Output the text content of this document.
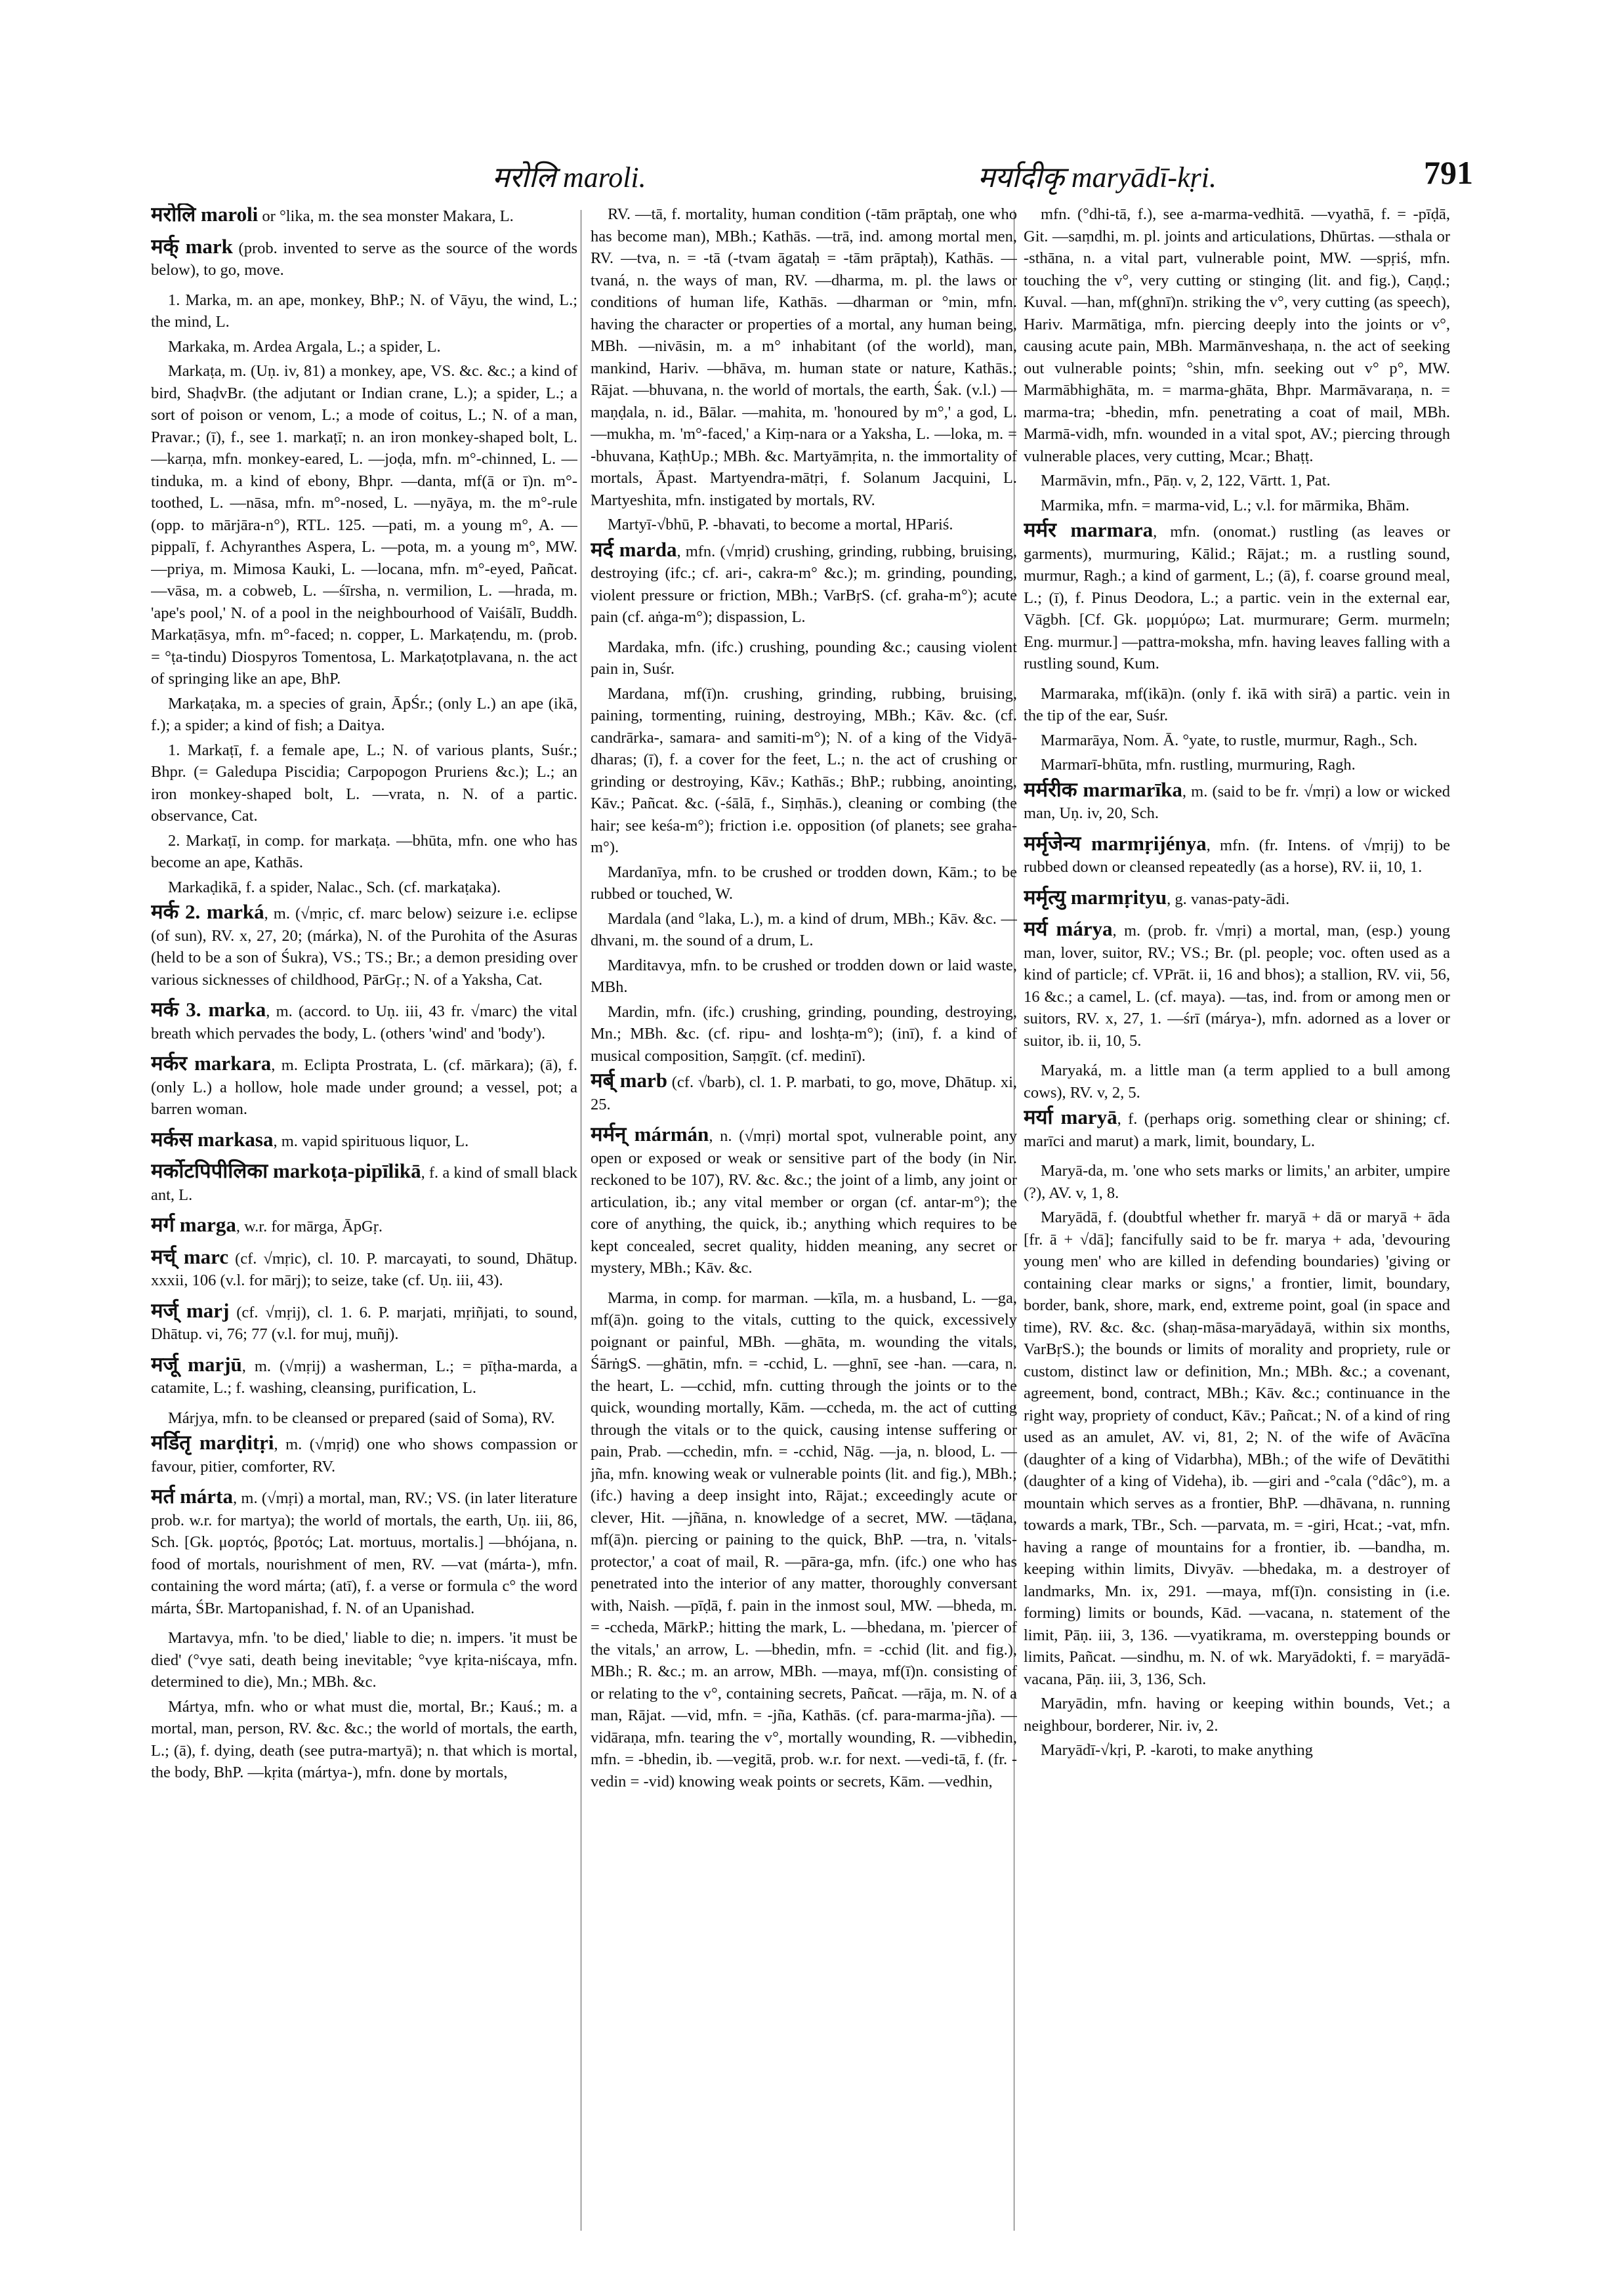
मरोलि maroli.	मर्यादीकृ maryādī-kṛi.	791

मरोलि maroli or °lika, m. the sea monster Makara, L.

मर्क् mark (prob. invented to serve as the source of the words below), to go, move.

1. Marka, m. an ape, monkey, BhP.; N. of Vāyu, the wind, L.; the mind, L.

Markaka, m. Ardea Argala, L.; a spider, L.

Markaṭa, m. (Uṇ. iv, 81) a monkey, ape, VS. &c. &c.; a kind of bird, ShaḍvBr. (the adjutant or Indian crane, L.); a spider, L.; a sort of poison or venom, L.; a mode of coitus, L.; N. of a man, Pravar.; (ī), f., see 1. markaṭī; n. an iron monkey-shaped bolt, L. —karṇa, mfn. monkey-eared, L. —joḍa, mfn. m°-chinned, L. —tinduka, m. a kind of ebony, Bhpr. —danta, mf(ā or ī)n. m°-toothed, L. —nāsa, mfn. m°-nosed, L. —nyāya, m. the m°-rule (opp. to mārjāra-n°), RTL. 125. —pati, m. a young m°, A. —pippalī, f. Achyranthes Aspera, L. —pota, m. a young m°, MW. —priya, m. Mimosa Kauki, L. —locana, mfn. m°-eyed, Pañcat. —vāsa, m. a cobweb, L. —śīrsha, n. vermilion, L. —hrada, m. 'ape's pool,' N. of a pool in the neighbourhood of Vaiśālī, Buddh. Markaṭāsya, mfn. m°-faced; n. copper, L. Markaṭendu, m. (prob. = °ṭa-tindu) Diospyros Tomentosa, L. Markaṭotplavana, n. the act of springing like an ape, BhP.

Markaṭaka, m. a species of grain, ĀpŚr.; (only L.) an ape (ikā, f.); a spider; a kind of fish; a Daitya.

1. Markaṭī, f. a female ape, L.; N. of various plants, Suśr.; Bhpr. (= Galedupa Piscidia; Carpopogon Pruriens &c.); L.; an iron monkey-shaped bolt, L. —vrata, n. N. of a partic. observance, Cat.

2. Markaṭī, in comp. for markaṭa. —bhūta, mfn. one who has become an ape, Kathās.

Markaḍikā, f. a spider, Nalac., Sch. (cf. markaṭaka).

मर्क 2. marká, m. (√mṛic, cf. marc below) seizure i.e. eclipse (of sun), RV. x, 27, 20; (márka), N. of the Purohita of the Asuras (held to be a son of Śukra), VS.; TS.; Br.; a demon presiding over various sicknesses of childhood, PārGṛ.; N. of a Yaksha, Cat.

मर्क 3. marka, m. (accord. to Uṇ. iii, 43 fr. √marc) the vital breath which pervades the body, L. (others 'wind' and 'body').

मर्कर markara, m. Eclipta Prostrata, L. (cf. mārkara); (ā), f. (only L.) a hollow, hole made under ground; a vessel, pot; a barren woman.

मर्कस markasa, m. vapid spirituous liquor, L.

मर्कोटपिपीलिका markoṭa-pipīlikā, f. a kind of small black ant, L.

मर्ग marga, w.r. for mārga, ĀpGṛ.

मर्च् marc (cf. √mṛic), cl. 10. P. marcayati, to sound, Dhātup. xxxii, 106 (v.l. for mārj); to seize, take (cf. Uṇ. iii, 43).

मर्ज् marj (cf. √mṛij), cl. 1. 6. P. marjati, mṛiñjati, to sound, Dhātup. vi, 76; 77 (v.l. for muj, muñj).

मर्जू marjū, m. (√mṛij) a washerman, L.; = pīṭha-marda, a catamite, L.; f. washing, cleansing, purification, L.

Márjya, mfn. to be cleansed or prepared (said of Soma), RV.

मर्डितृ marḍitṛi, m. (√mṛiḍ) one who shows compassion or favour, pitier, comforter, RV.

मर्त márta, m. (√mṛi) a mortal, man, RV.; VS. (in later literature prob. w.r. for martya); the world of mortals, the earth, Uṇ. iii, 86, Sch. [Gk. μορτός, βροτός; Lat. mortuus, mortalis.] —bhójana, n. food of mortals, nourishment of men, RV. —vat (márta-), mfn. containing the word márta; (atī), f. a verse or formula c° the word márta, ŚBr. Martopanishad, f. N. of an Upanishad.

Martavya, mfn. 'to be died,' liable to die; n. impers. 'it must be died' (°vye sati, death being inevitable; °vye kṛita-niścaya, mfn. determined to die), Mn.; MBh. &c.

Mártya, mfn. who or what must die, mortal, Br.; Kauś.; m. a mortal, man, person, RV. &c. &c.; the world of mortals, the earth, L.; (ā), f. dying, death (see putra-martyā); n. that which is mortal, the body, BhP. —kṛita (mártya-), mfn. done by mortals,

RV. —tā, f. mortality, human condition (-tām prāptaḥ, one who has become man), MBh.; Kathās. —trā, ind. among mortal men, RV. —tva, n. = -tā (-tvam āgataḥ = -tām prāptaḥ), Kathās. —tvaná, n. the ways of man, RV. —dharma, m. pl. the laws or conditions of human life, Kathās. —dharman or °min, mfn. having the character or properties of a mortal, any human being, MBh. —nivāsin, m. a m° inhabitant (of the world), man, mankind, Hariv. —bhāva, m. human state or nature, Kathās.; Rājat. —bhuvana, n. the world of mortals, the earth, Śak. (v.l.) —maṇḍala, n. id., Bālar. —mahita, m. 'honoured by m°,' a god, L. —mukha, m. 'm°-faced,' a Kiṃ-nara or a Yaksha, L. —loka, m. = -bhuvana, KaṭhUp.; MBh. &c. Martyāmṛita, n. the immortality of mortals, Āpast. Martyendra-mātṛi, f. Solanum Jacquini, L. Martyeshita, mfn. instigated by mortals, RV.

Martyī-√bhū, P. -bhavati, to become a mortal, HPariś.

मर्द marda, mfn. (√mṛid) crushing, grinding, rubbing, bruising, destroying (ifc.; cf. ari-, cakra-m° &c.); m. grinding, pounding, violent pressure or friction, MBh.; VarBṛS. (cf. graha-m°); acute pain (cf. aṅga-m°); dispassion, L.

Mardaka, mfn. (ifc.) crushing, pounding &c.; causing violent pain in, Suśr.

Mardana, mf(ī)n. crushing, grinding, rubbing, bruising, paining, tormenting, ruining, destroying, MBh.; Kāv. &c. (cf. candrārka-, samara- and samiti-m°); N. of a king of the Vidyā-dharas; (ī), f. a cover for the feet, L.; n. the act of crushing or grinding or destroying, Kāv.; Kathās.; BhP.; rubbing, anointing, Kāv.; Pañcat. &c. (-śālā, f., Siṃhās.), cleaning or combing (the hair; see keśa-m°); friction i.e. opposition (of planets; see graha-m°).

Mardanīya, mfn. to be crushed or trodden down, Kām.; to be rubbed or touched, W.

Mardala (and °laka, L.), m. a kind of drum, MBh.; Kāv. &c. —dhvani, m. the sound of a drum, L.

Marditavya, mfn. to be crushed or trodden down or laid waste, MBh.

Mardin, mfn. (ifc.) crushing, grinding, pounding, destroying, Mn.; MBh. &c. (cf. ripu- and loshṭa-m°); (inī), f. a kind of musical composition, Saṃgīt. (cf. medinī).

मर्ब् marb (cf. √barb), cl. 1. P. marbati, to go, move, Dhātup. xi, 25.

मर्मन् mármán, n. (√mṛi) mortal spot, vulnerable point, any open or exposed or weak or sensitive part of the body (in Nir. reckoned to be 107), RV. &c. &c.; the joint of a limb, any joint or articulation, ib.; any vital member or organ (cf. antar-m°); the core of anything, the quick, ib.; anything which requires to be kept concealed, secret quality, hidden meaning, any secret or mystery, MBh.; Kāv. &c.

Marma, in comp. for marman. —kīla, m. a husband, L. —ga, mf(ā)n. going to the vitals, cutting to the quick, excessively poignant or painful, MBh. —ghāta, m. wounding the vitals, ŚārṅgS. —ghātin, mfn. = -cchid, L. —ghnī, see -han. —cara, n. the heart, L. —cchid, mfn. cutting through the joints or to the quick, wounding mortally, Kām. —ccheda, m. the act of cutting through the vitals or to the quick, causing intense suffering or pain, Prab. —cchedin, mfn. = -cchid, Nāg. —ja, n. blood, L. —jña, mfn. knowing weak or vulnerable points (lit. and fig.), MBh.; (ifc.) having a deep insight into, Rājat.; exceedingly acute or clever, Hit. —jñāna, n. knowledge of a secret, MW. —tāḍana, mf(ā)n. piercing or paining to the quick, BhP. —tra, n. 'vitals-protector,' a coat of mail, R. —pāra-ga, mfn. (ifc.) one who has penetrated into the interior of any matter, thoroughly conversant with, Naish. —pīḍā, f. pain in the inmost soul, MW. —bheda, m. = -ccheda, MārkP.; hitting the mark, L. —bhedana, m. 'piercer of the vitals,' an arrow, L. —bhedin, mfn. = -cchid (lit. and fig.), MBh.; R. &c.; m. an arrow, MBh. —maya, mf(ī)n. consisting of or relating to the v°, containing secrets, Pañcat. —rāja, m. N. of a man, Rājat. —vid, mfn. = -jña, Kathās. (cf. para-marma-jña). —vidāraṇa, mfn. tearing the v°, mortally wounding, R. —vibhedin, mfn. = -bhedin, ib. —vegitā, prob. w.r. for next. —vedi-tā, f. (fr. -vedin = -vid) knowing weak points or secrets, Kām. —vedhin,

mfn. (°dhi-tā, f.), see a-marma-vedhitā. —vyathā, f. = -pīḍā, Git. —saṃdhi, m. pl. joints and articulations, Dhūrtas. —sthala or -sthāna, n. a vital part, vulnerable point, MW. —spṛiś, mfn. touching the v°, very cutting or stinging (lit. and fig.), Caṇḍ.; Kuval. —han, mf(ghnī)n. striking the v°, very cutting (as speech), Hariv. Marmātiga, mfn. piercing deeply into the joints or v°, causing acute pain, MBh. Marmānveshaṇa, n. the act of seeking out vulnerable points; °shin, mfn. seeking out v° p°, MW. Marmābhighāta, m. = marma-ghāta, Bhpr. Marmāvaraṇa, n. = marma-tra; -bhedin, mfn. penetrating a coat of mail, MBh. Marmā-vidh, mfn. wounded in a vital spot, AV.; piercing through vulnerable places, very cutting, Mcar.; Bhaṭṭ.

Marmāvin, mfn., Pāṇ. v, 2, 122, Vārtt. 1, Pat.

Marmika, mfn. = marma-vid, L.; v.l. for mārmika, Bhām.

मर्मर marmara, mfn. (onomat.) rustling (as leaves or garments), murmuring, Kālid.; Rājat.; m. a rustling sound, murmur, Ragh.; a kind of garment, L.; (ā), f. coarse ground meal, L.; (ī), f. Pinus Deodora, L.; a partic. vein in the external ear, Vāgbh. [Cf. Gk. μορμύρω; Lat. murmurare; Germ. murmeln; Eng. murmur.] —pattra-moksha, mfn. having leaves falling with a rustling sound, Kum.

Marmaraka, mf(ikā)n. (only f. ikā with sirā) a partic. vein in the tip of the ear, Suśr.

Marmarāya, Nom. Ā. °yate, to rustle, murmur, Ragh., Sch.

Marmarī-bhūta, mfn. rustling, murmuring, Ragh.

मर्मरीक marmarīka, m. (said to be fr. √mṛi) a low or wicked man, Uṇ. iv, 20, Sch.

मर्मृजेन्य marmṛijénya, mfn. (fr. Intens. of √mṛij) to be rubbed down or cleansed repeatedly (as a horse), RV. ii, 10, 1.

मर्मृत्यु marmṛityu, g. vanas-paty-ādi.

मर्य márya, m. (prob. fr. √mṛi) a mortal, man, (esp.) young man, lover, suitor, RV.; VS.; Br. (pl. people; voc. often used as a kind of particle; cf. VPrāt. ii, 16 and bhos); a stallion, RV. vii, 56, 16 &c.; a camel, L. (cf. maya). —tas, ind. from or among men or suitors, RV. x, 27, 1. —śrī (márya-), mfn. adorned as a lover or suitor, ib. ii, 10, 5.

Maryaká, m. a little man (a term applied to a bull among cows), RV. v, 2, 5.

मर्या maryā, f. (perhaps orig. something clear or shining; cf. marīci and marut) a mark, limit, boundary, L.

Maryā-da, m. 'one who sets marks or limits,' an arbiter, umpire (?), AV. v, 1, 8.

Maryādā, f. (doubtful whether fr. maryā + dā or maryā + āda [fr. ā + √dā]; fancifully said to be fr. marya + ada, 'devouring young men' who are killed in defending boundaries) 'giving or containing clear marks or signs,' a frontier, limit, boundary, border, bank, shore, mark, end, extreme point, goal (in space and time), RV. &c. &c. (shaṇ-māsa-maryādayā, within six months, VarBṛS.); the bounds or limits of morality and propriety, rule or custom, distinct law or definition, Mn.; MBh. &c.; a covenant, agreement, bond, contract, MBh.; Kāv. &c.; continuance in the right way, propriety of conduct, Kāv.; Pañcat.; N. of a kind of ring used as an amulet, AV. vi, 81, 2; N. of the wife of Avācīna (daughter of a king of Vidarbha), MBh.; of the wife of Devātithi (daughter of a king of Videha), ib. —giri and -°cala (°dâc°), m. a mountain which serves as a frontier, BhP. —dhāvana, n. running towards a mark, TBr., Sch. —parvata, m. = -giri, Hcat.; -vat, mfn. having a range of mountains for a frontier, ib. —bandha, m. keeping within limits, Divyāv. —bhedaka, m. a destroyer of landmarks, Mn. ix, 291. —maya, mf(ī)n. consisting in (i.e. forming) limits or bounds, Kād. —vacana, n. statement of the limit, Pāṇ. iii, 3, 136. —vyatikrama, m. overstepping bounds or limits, Pañcat. —sindhu, m. N. of wk. Maryādokti, f. = maryādā-vacana, Pāṇ. iii, 3, 136, Sch.

Maryādin, mfn. having or keeping within bounds, Vet.; a neighbour, borderer, Nir. iv, 2.

Maryādī-√kṛi, P. -karoti, to make anything
